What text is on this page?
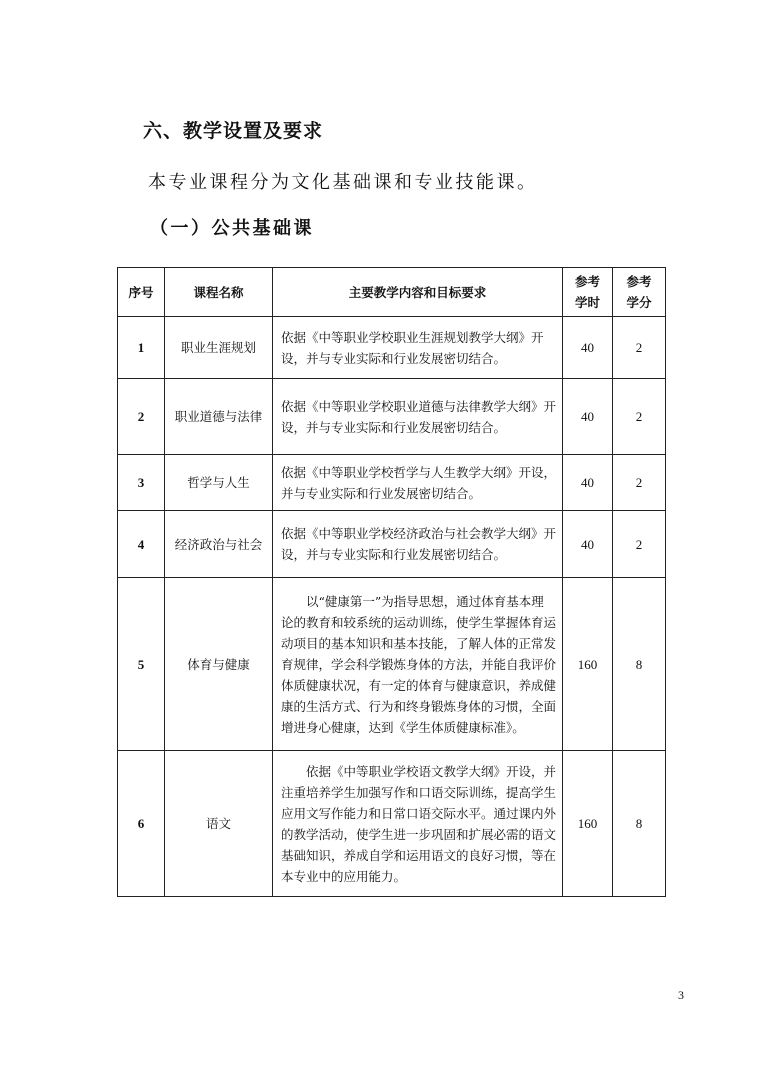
六、教学设置及要求

本专业课程分为文化基础课和专业技能课。

（一）公共基础课
序号	课程名称	主要教学内容和目标要求	参考学时	参考学分
1	职业生涯规划	依据《中等职业学校职业生涯规划教学大纲》开设，并与专业实际和行业发展密切结合。	40	2
2	职业道德与法律	依据《中等职业学校职业道德与法律教学大纲》开设，并与专业实际和行业发展密切结合。	40	2
3	哲学与人生	依据《中等职业学校哲学与人生教学大纲》开设，并与专业实际和行业发展密切结合。	40	2
4	经济政治与社会	依据《中等职业学校经济政治与社会教学大纲》开设，并与专业实际和行业发展密切结合。	40	2
5	体育与健康	以“健康第一”为指导思想，通过体育基本理论的教育和较系统的运动训练，使学生掌握体育运动项目的基本知识和基本技能，了解人体的正常发育规律，学会科学锻炼身体的方法，并能自我评价体质健康状况，有一定的体育与健康意识，养成健康的生活方式、行为和终身锻炼身体的习惯，全面增进身心健康，达到《学生体质健康标准》。	160	8
6	语文	依据《中等职业学校语文教学大纲》开设，并注重培养学生加强写作和口语交际训练，提高学生应用文写作能力和日常口语交际水平。通过课内外的教学活动，使学生进一步巩固和扩展必需的语文基础知识，养成自学和运用语文的良好习惯，等在本专业中的应用能力。	160	8
3
